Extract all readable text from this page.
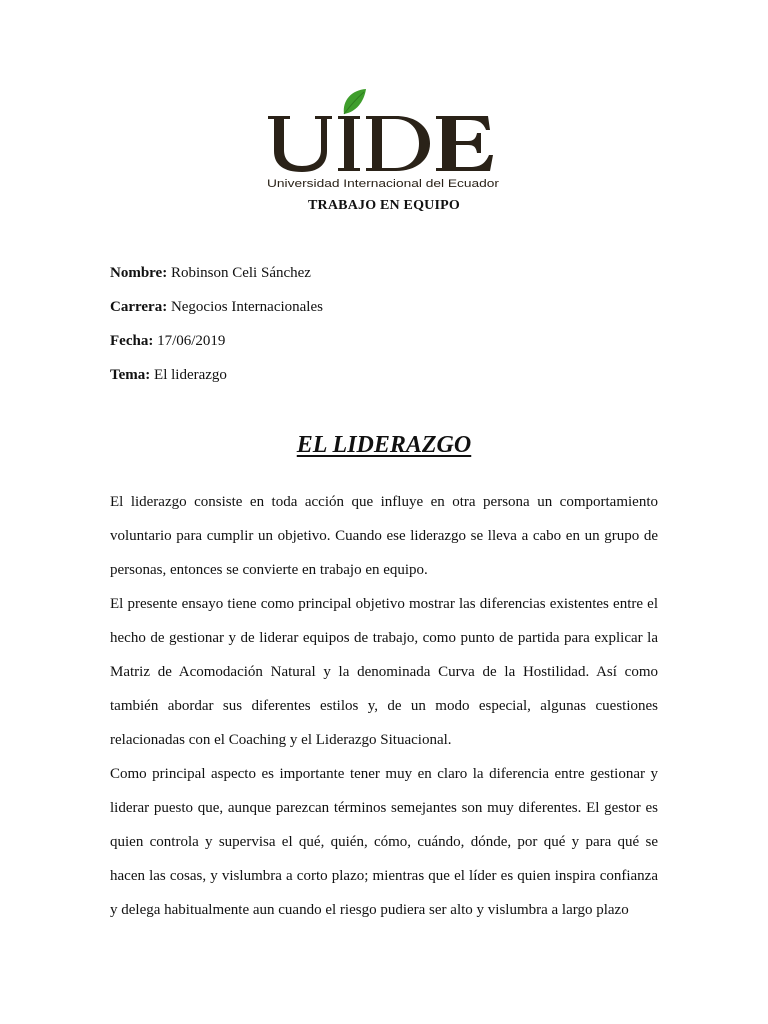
Universidad Internacional del Ecuador
TRABAJO EN EQUIPO
Nombre: Robinson Celi Sánchez
Carrera: Negocios Internacionales
Fecha: 17/06/2019
Tema: El liderazgo
EL LIDERAZGO

El liderazgo consiste en toda acción que influye en otra persona un comportamiento voluntario para cumplir un objetivo. Cuando ese liderazgo se lleva a cabo en un grupo de personas, entonces se convierte en trabajo en equipo.

El presente ensayo tiene como principal objetivo mostrar las diferencias existentes entre el hecho de gestionar y de liderar equipos de trabajo, como punto de partida para explicar la Matriz de Acomodación Natural y la denominada Curva de la Hostilidad. Así como también abordar sus diferentes estilos y, de un modo especial, algunas cuestiones relacionadas con el Coaching y el Liderazgo Situacional.

Como principal aspecto es importante tener muy en claro la diferencia entre gestionar y liderar puesto que, aunque parezcan términos semejantes son muy diferentes. El gestor es quien controla y supervisa el qué, quién, cómo, cuándo, dónde, por qué y para qué se hacen las cosas, y vislumbra a corto plazo; mientras que el líder es quien inspira confianza y delega habitualmente aun cuando el riesgo pudiera ser alto y vislumbra a largo plazo
